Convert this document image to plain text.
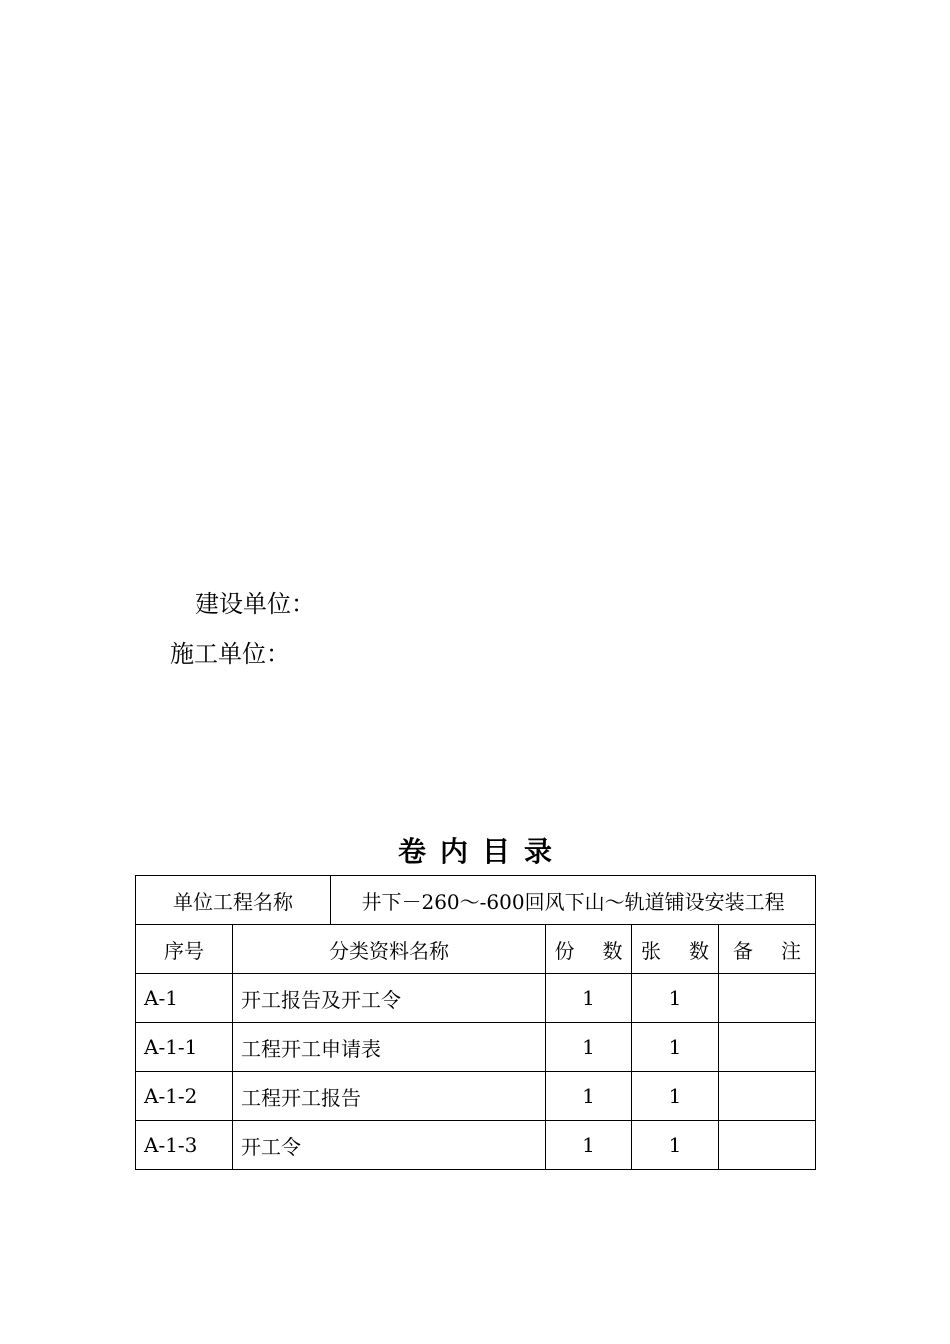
建设单位：
施工单位：
卷内目录
单位工程名称		井下－260～-600回风下山～轨道铺设安装工程			
序号	分类资料名称		份 数	张 数	备 注
A-1	开工报告及开工令		1	1	
A-1-1	工程开工申请表		1	1	
A-1-2	工程开工报告		1	1	
A-1-3	开工令		1	1	
